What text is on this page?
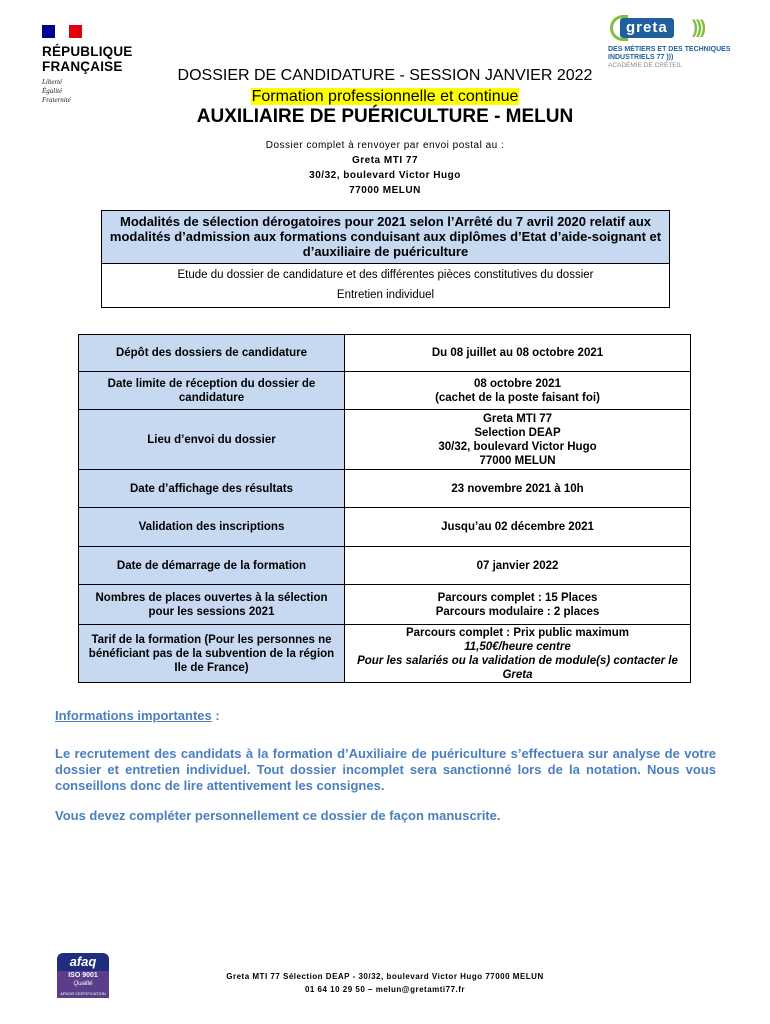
RÉPUBLIQUE
FRANÇAISE
Liberté
Égalité
Fraternité
greta	)))
DES MÉTIERS ET DES TECHNIQUES
INDUSTRIELS 77 )))
ACADÉMIE DE CRÉTEIL
DOSSIER DE CANDIDATURE - SESSION JANVIER 2022
Formation professionnelle et continue
AUXILIAIRE DE PUÉRICULTURE - MELUN
Dossier complet à renvoyer par envoi postal au :
Greta MTI 77
30/32, boulevard Victor Hugo
77000 MELUN
Modalités de sélection dérogatoires pour 2021 selon l’Arrêté du 7 avril 2020 relatif aux modalités d’admission aux formations conduisant aux diplômes d’Etat d’aide-soignant et d’auxiliaire de puériculture
Etude du dossier de candidature et des différentes pièces constitutives du dossier
Entretien individuel
Dépôt des dossiers de candidature	Du 08 juillet au 08 octobre 2021
Date limite de réception du dossier de candidature	08 octobre 2021
(cachet de la poste faisant foi)

Lieu d’envoi du dossier	Greta MTI 77
Selection DEAP
30/32, boulevard Victor Hugo
77000 MELUN

Date d’affichage des résultats	23 novembre 2021 à 10h
Validation des inscriptions	Jusqu’au 02 décembre 2021
Date de démarrage de la formation	07 janvier 2022
Nombres de places ouvertes à la sélection pour les sessions 2021	Parcours complet : 15 Places
Parcours modulaire : 2 places

Tarif de la formation (Pour les personnes ne bénéficiant pas de la subvention de la région Ile de France)	Parcours complet : Prix public maximum
11,50€/heure centre
Pour les salariés ou la validation de module(s) contacter le Greta
Informations importantes :
Le recrutement des candidats à la formation d’Auxiliaire de puériculture s’effectuera sur analyse de votre dossier et entretien individuel. Tout dossier incomplet sera sanctionné lors de la notation. Nous vous conseillons donc de lire attentivement les consignes.
Vous devez compléter personnellement ce dossier de façon manuscrite.
afaq
ISO 9001
Qualité
AFNOR CERTIFICATION
Greta MTI 77 Sélection DEAP - 30/32, boulevard Victor Hugo 77000 MELUN
01 64 10 29 50 – melun@gretamti77.fr
